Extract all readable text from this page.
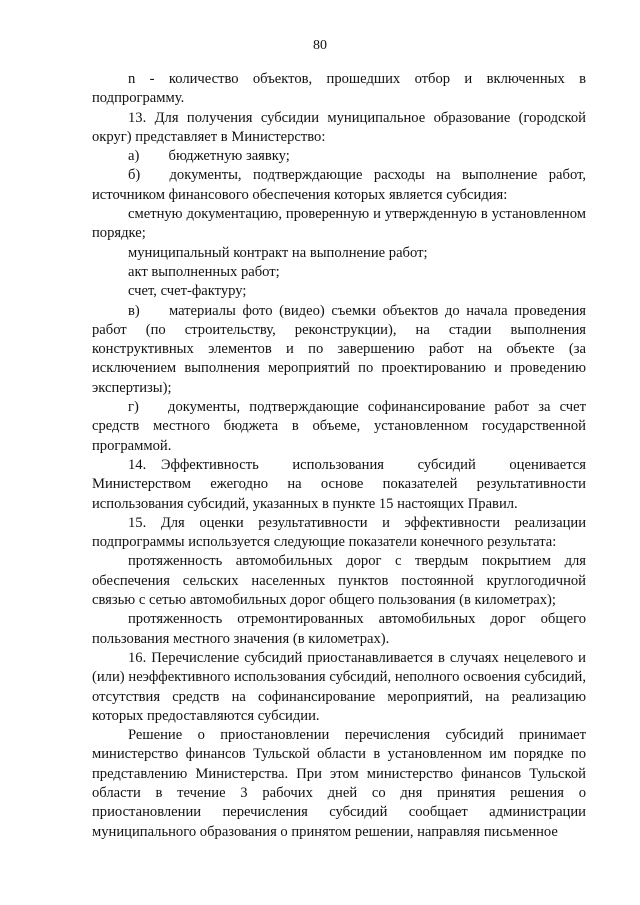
80

n - количество объектов, прошедших отбор и включенных в подпрограмму.

13. Для получения субсидии муниципальное образование (городской округ) представляет в Министерство:

а)  бюджетную заявку;

б)  документы, подтверждающие расходы на выполнение работ, источником финансового обеспечения которых является субсидия:

сметную документацию, проверенную и утвержденную в установленном порядке;

муниципальный контракт на выполнение работ;

акт выполненных работ;

счет, счет-фактуру;

в)  материалы фото (видео) съемки объектов до начала проведения работ (по строительству, реконструкции), на стадии выполнения конструктивных элементов и по завершению работ на объекте (за исключением выполнения мероприятий по проектированию и проведению экспертизы);

г)  документы, подтверждающие софинансирование работ за счет средств местного бюджета в объеме, установленном государственной программой.

14. Эффективность использования субсидий оценивается Министерством ежегодно на основе показателей результативности использования субсидий, указанных в пункте 15 настоящих Правил.

15. Для оценки результативности и эффективности реализации подпрограммы используется следующие показатели конечного результата:

протяженность автомобильных дорог с твердым покрытием для обеспечения сельских населенных пунктов постоянной круглогодичной связью с сетью автомобильных дорог общего пользования (в километрах);

протяженность отремонтированных автомобильных дорог общего пользования местного значения (в километрах).

16. Перечисление субсидий приостанавливается в случаях нецелевого и (или) неэффективного использования субсидий, неполного освоения субсидий, отсутствия средств на софинансирование мероприятий, на реализацию которых предоставляются субсидии.

Решение о приостановлении перечисления субсидий принимает министерство финансов Тульской области в установленном им порядке по представлению Министерства. При этом министерство финансов Тульской области в течение 3 рабочих дней со дня принятия решения о приостановлении перечисления субсидий сообщает администрации муниципального образования о принятом решении, направляя письменное
